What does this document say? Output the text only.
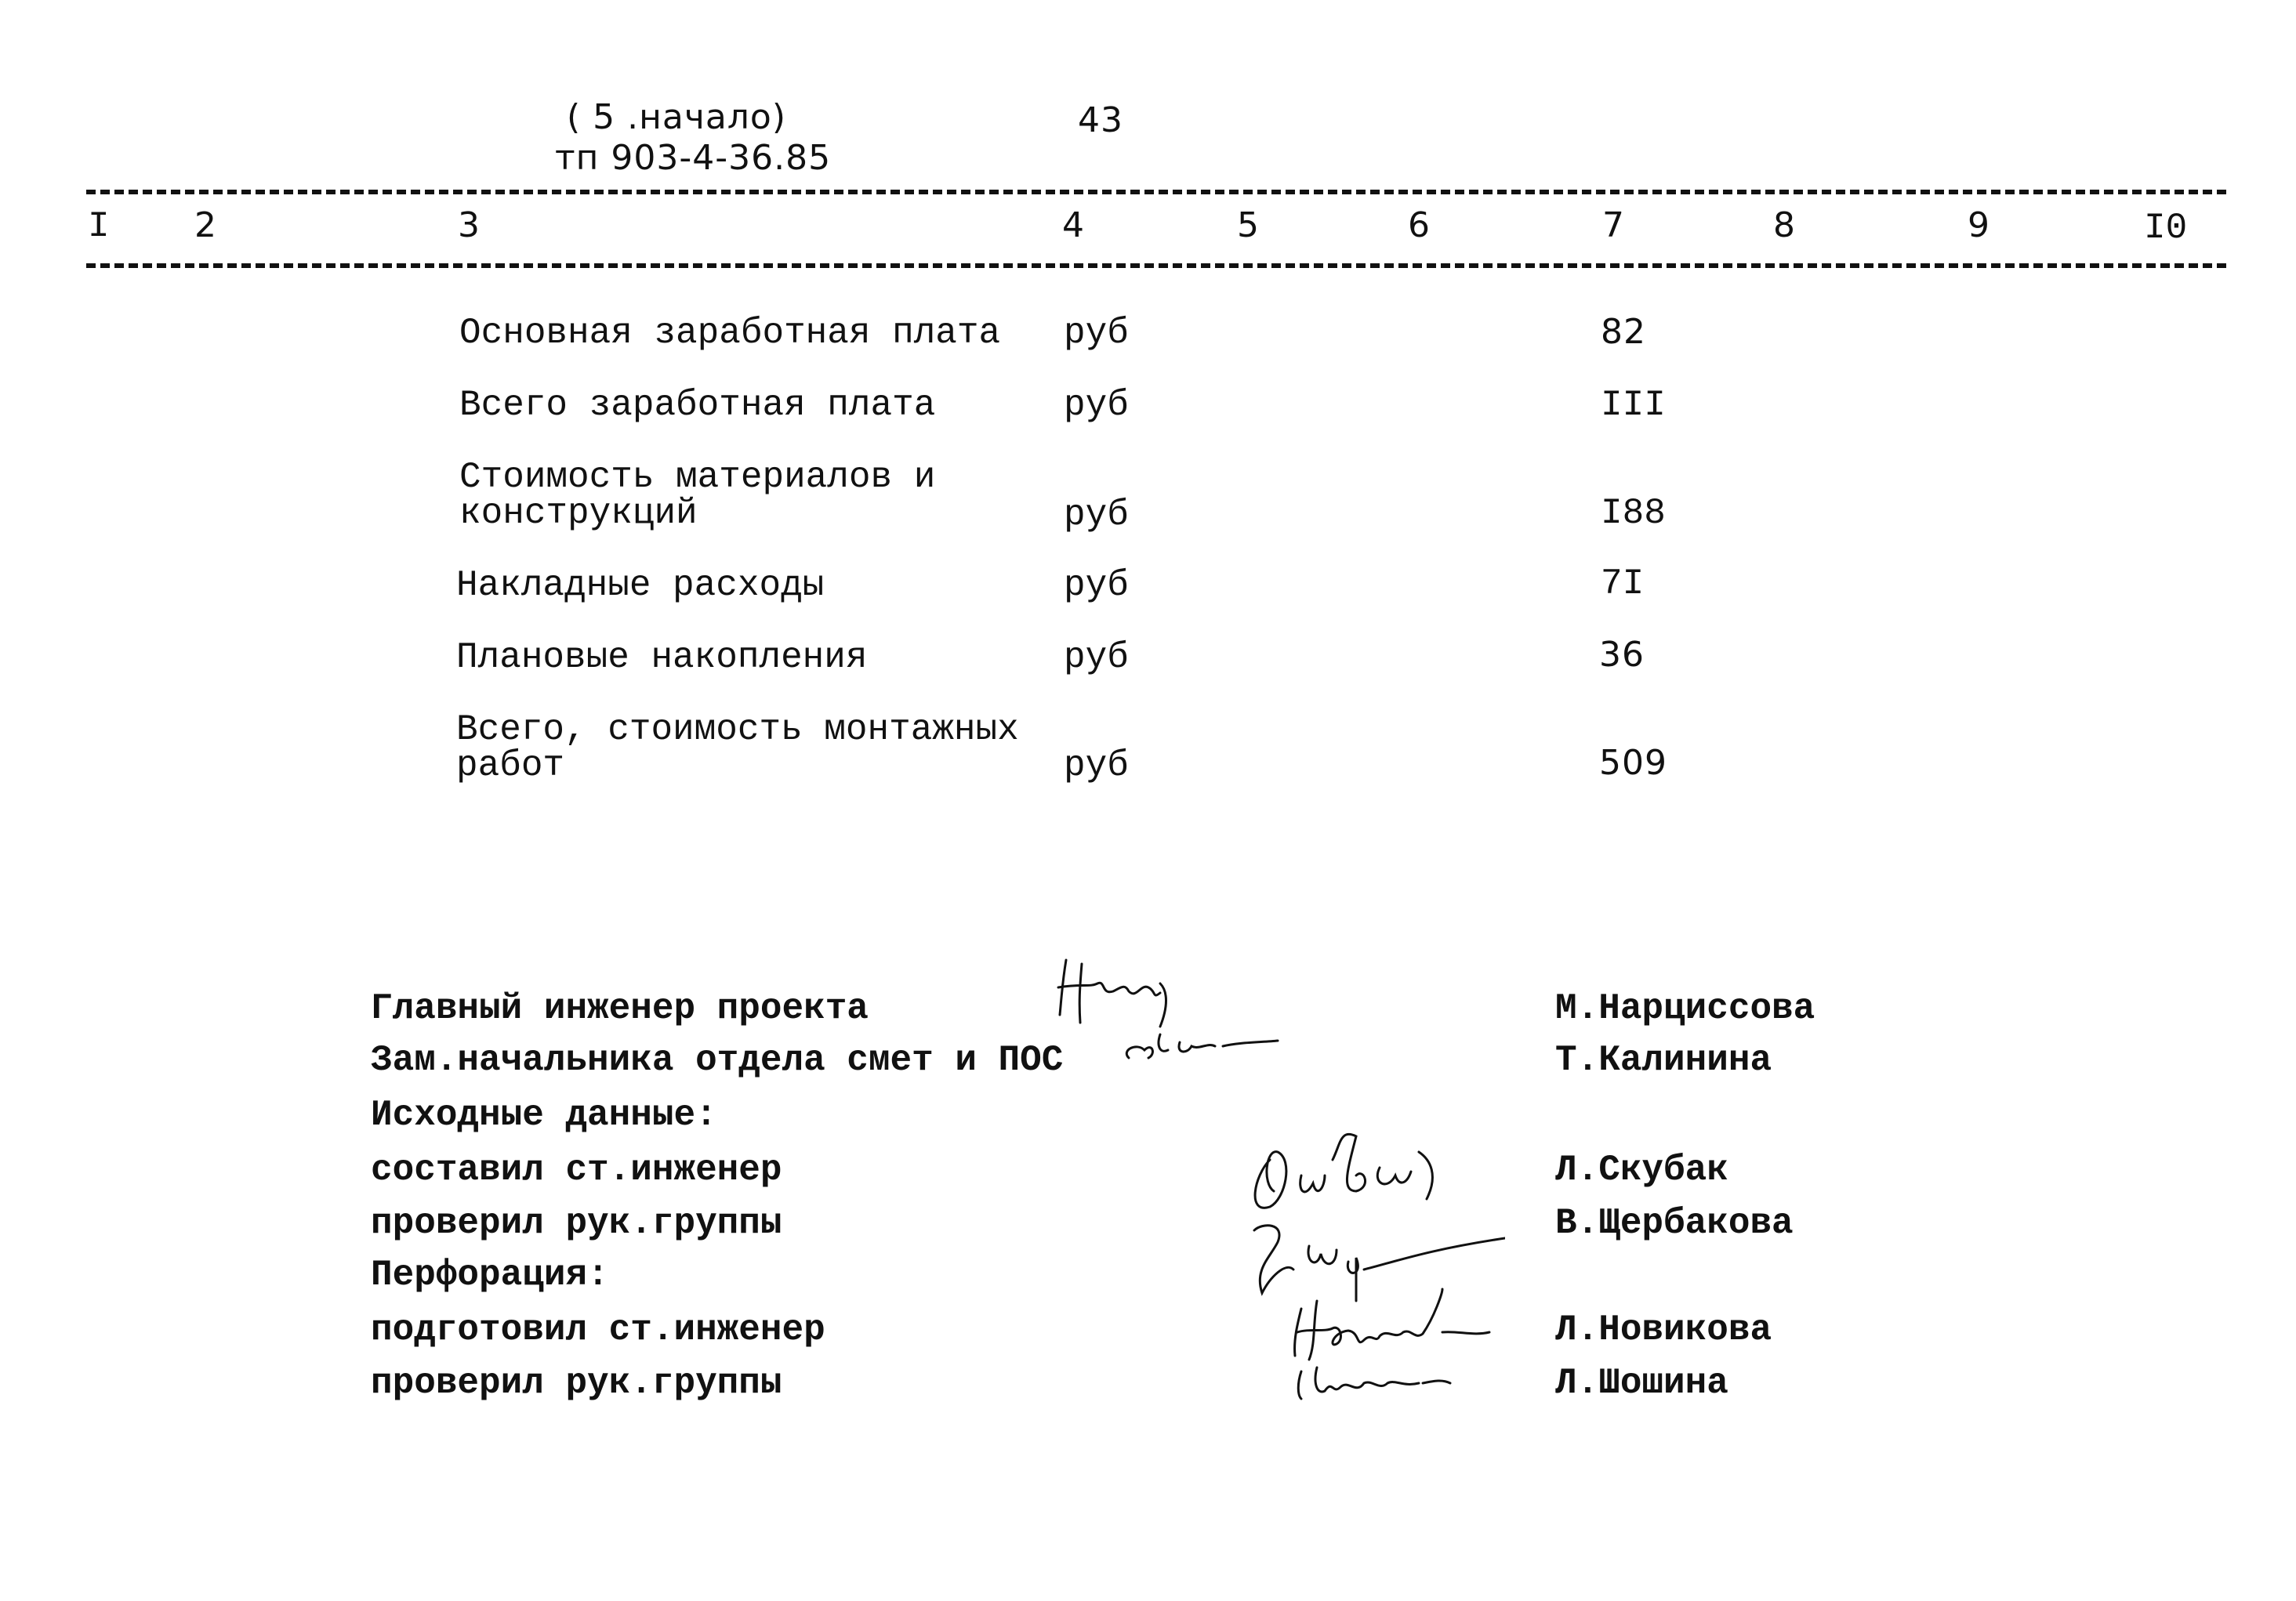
( 5 .начало)	43
тп 903-4-36.85
I 2	3	4	5	6	7	8	9	I0
Основная заработная плата руб	82
Всего заработная плата	руб	III
Стоимость материалов и
конструкций	руб	I88
Накладные расходы	руб	7I
Плановые накопления	руб	36
Всего, стоимость монтажных
работ	руб	509
Главный инженер проекта	М.Нарциссова
Зам.начальника отдела смет и ПОС	Т.Калинина
Исходные данные:
составил ст.инженер	Л.Скубак
проверил рук.группы	В.Щербакова
Перфорация:
подготовил ст.инженер	Л.Новикова
проверил рук.группы	Л.Шошина
